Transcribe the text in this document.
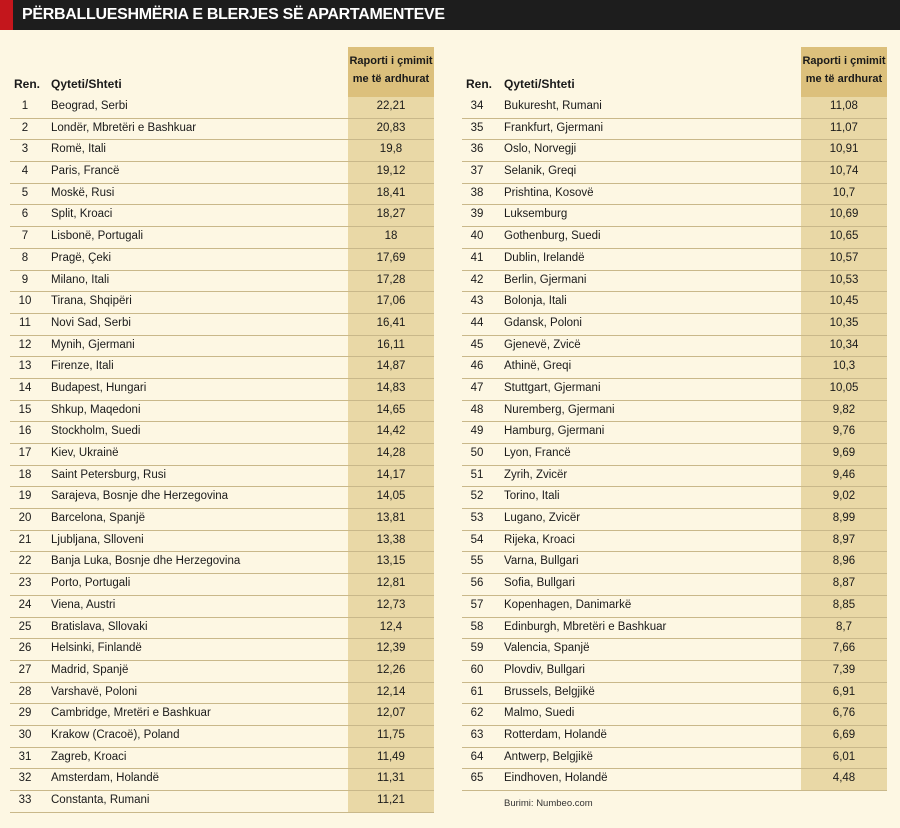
PËRBALLUESHMËRIA E BLERJES SË APARTAMENTEVE
Ren. Qyteti/Shteti
Raporti i çmimit
me të ardhurat
1	Beograd, Serbi	22,21
2	Londër, Mbretëri e Bashkuar	20,83
3	Romë, Itali	19,8
4	Paris, Francë	19,12
5	Moskë, Rusi	18,41
6	Split, Kroaci	18,27
7	Lisbonë, Portugali	18
8	Pragë, Çeki	17,69
9	Milano, Itali	17,28
10	Tirana, Shqipëri	17,06
11	Novi Sad, Serbi	16,41
12	Mynih, Gjermani	16,11
13	Firenze, Itali	14,87
14	Budapest, Hungari	14,83
15	Shkup, Maqedoni	14,65
16	Stockholm, Suedi	14,42
17	Kiev, Ukrainë	14,28
18	Saint Petersburg, Rusi	14,17
19	Sarajeva, Bosnje dhe Herzegovina	14,05
20	Barcelona, Spanjë	13,81
21	Ljubljana, Slloveni	13,38
22	Banja Luka, Bosnje dhe Herzegovina	13,15
23	Porto, Portugali	12,81
24	Viena, Austri	12,73
25	Bratislava, Sllovaki	12,4
26	Helsinki, Finlandë	12,39
27	Madrid, Spanjë	12,26
28	Varshavë, Poloni	12,14
29	Cambridge, Mretëri e Bashkuar	12,07
30	Krakow (Cracoë), Poland	11,75
31	Zagreb, Kroaci	11,49
32	Amsterdam, Holandë	11,31
33	Constanta, Rumani	11,21
Ren. Qyteti/Shteti
Raporti i çmimit
me të ardhurat
34	Bukuresht, Rumani	11,08
35	Frankfurt, Gjermani	11,07
36	Oslo, Norvegji	10,91
37	Selanik, Greqi	10,74
38	Prishtina, Kosovë	10,7
39	Luksemburg	10,69
40	Gothenburg, Suedi	10,65
41	Dublin, Irelandë	10,57
42	Berlin, Gjermani	10,53
43	Bolonja, Itali	10,45
44	Gdansk, Poloni	10,35
45	Gjenevë, Zvicë	10,34
46	Athinë, Greqi	10,3
47	Stuttgart, Gjermani	10,05
48	Nuremberg, Gjermani	9,82
49	Hamburg, Gjermani	9,76
50	Lyon, Francë	9,69
51	Zyrih, Zvicër	9,46
52	Torino, Itali	9,02
53	Lugano, Zvicër	8,99
54	Rijeka, Kroaci	8,97
55	Varna, Bullgari	8,96
56	Sofia, Bullgari	8,87
57	Kopenhagen, Danimarkë	8,85
58	Edinburgh, Mbretëri e Bashkuar	8,7
59	Valencia, Spanjë	7,66
60	Plovdiv, Bullgari	7,39
61	Brussels, Belgjikë	6,91
62	Malmo, Suedi	6,76
63	Rotterdam, Holandë	6,69
64	Antwerp, Belgjikë	6,01
65	Eindhoven, Holandë	4,48
Burimi: Numbeo.com
